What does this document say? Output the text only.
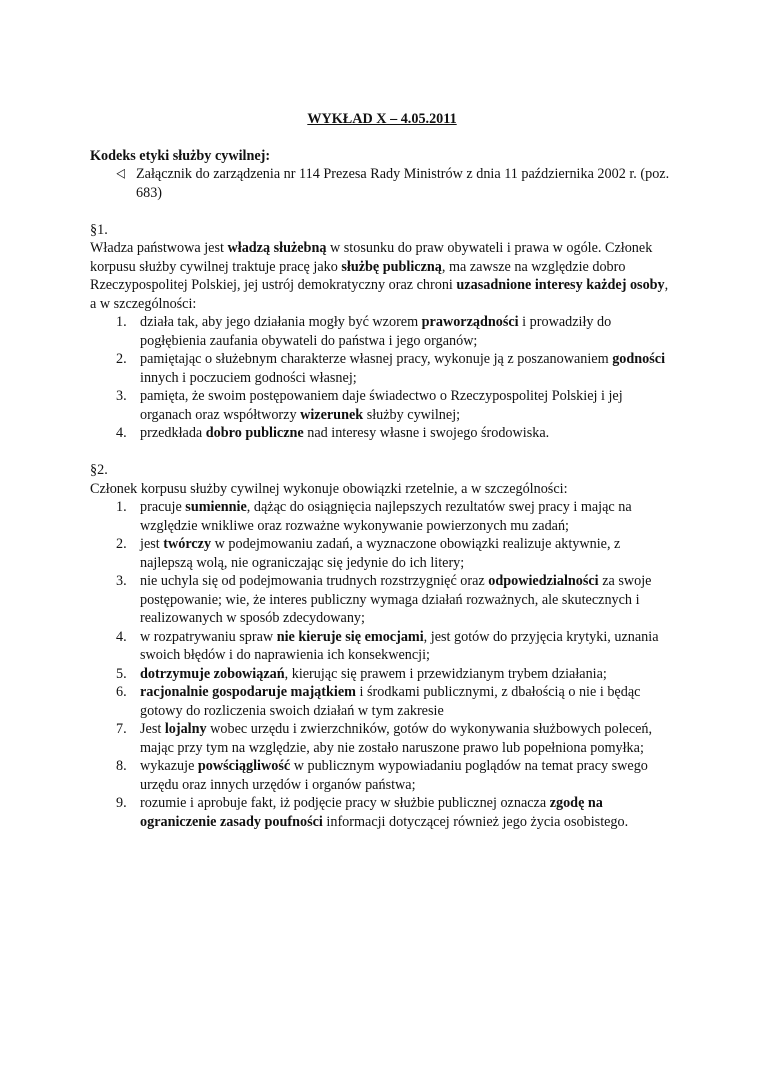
WYKŁAD X – 4.05.2011

Kodeks etyki służby cywilnej:

⨞ Załącznik do zarządzenia nr 114 Prezesa Rady Ministrów z dnia 11 października 2002 r. (poz. 683)

§1.

Władza państwowa jest władzą służebną w stosunku do praw obywateli i prawa w ogóle. Członek korpusu służby cywilnej traktuje pracę jako służbę publiczną, ma zawsze na względzie dobro Rzeczypospolitej Polskiej, jej ustrój demokratyczny oraz chroni uzasadnione interesy każdej osoby, a w szczególności:

1. działa tak, aby jego działania mogły być wzorem praworządności i prowadziły do pogłębienia zaufania obywateli do państwa i jego organów;
2. pamiętając o służebnym charakterze własnej pracy, wykonuje ją z poszanowaniem godności innych i poczuciem godności własnej;
3. pamięta, że swoim postępowaniem daje świadectwo o Rzeczypospolitej Polskiej i jej organach oraz współtworzy wizerunek służby cywilnej;
4. przedkłada dobro publiczne nad interesy własne i swojego środowiska.

§2.

Członek korpusu służby cywilnej wykonuje obowiązki rzetelnie, a w szczególności:

1. pracuje sumiennie, dążąc do osiągnięcia najlepszych rezultatów swej pracy i mając na względzie wnikliwe oraz rozważne wykonywanie powierzonych mu zadań;
2. jest twórczy w podejmowaniu zadań, a wyznaczone obowiązki realizuje aktywnie, z najlepszą wolą, nie ograniczając się jedynie do ich litery;
3. nie uchyla się od podejmowania trudnych rozstrzygnięć oraz odpowiedzialności za swoje postępowanie; wie, że interes publiczny wymaga działań rozważnych, ale skutecznych i realizowanych w sposób zdecydowany;
4. w rozpatrywaniu spraw nie kieruje się emocjami, jest gotów do przyjęcia krytyki, uznania swoich błędów i do naprawienia ich konsekwencji;
5. dotrzymuje zobowiązań, kierując się prawem i przewidzianym trybem działania;
6. racjonalnie gospodaruje majątkiem i środkami publicznymi, z dbałością o nie i będąc gotowy do rozliczenia swoich działań w tym zakresie
7. Jest lojalny wobec urzędu i zwierzchników, gotów do wykonywania służbowych poleceń, mając przy tym na względzie, aby nie zostało naruszone prawo lub popełniona pomyłka;
8. wykazuje powściągliwość w publicznym wypowiadaniu poglądów na temat pracy swego urzędu oraz innych urzędów i organów państwa;
9. rozumie i aprobuje fakt, iż podjęcie pracy w służbie publicznej oznacza zgodę na ograniczenie zasady poufności informacji dotyczącej również jego życia osobistego.
